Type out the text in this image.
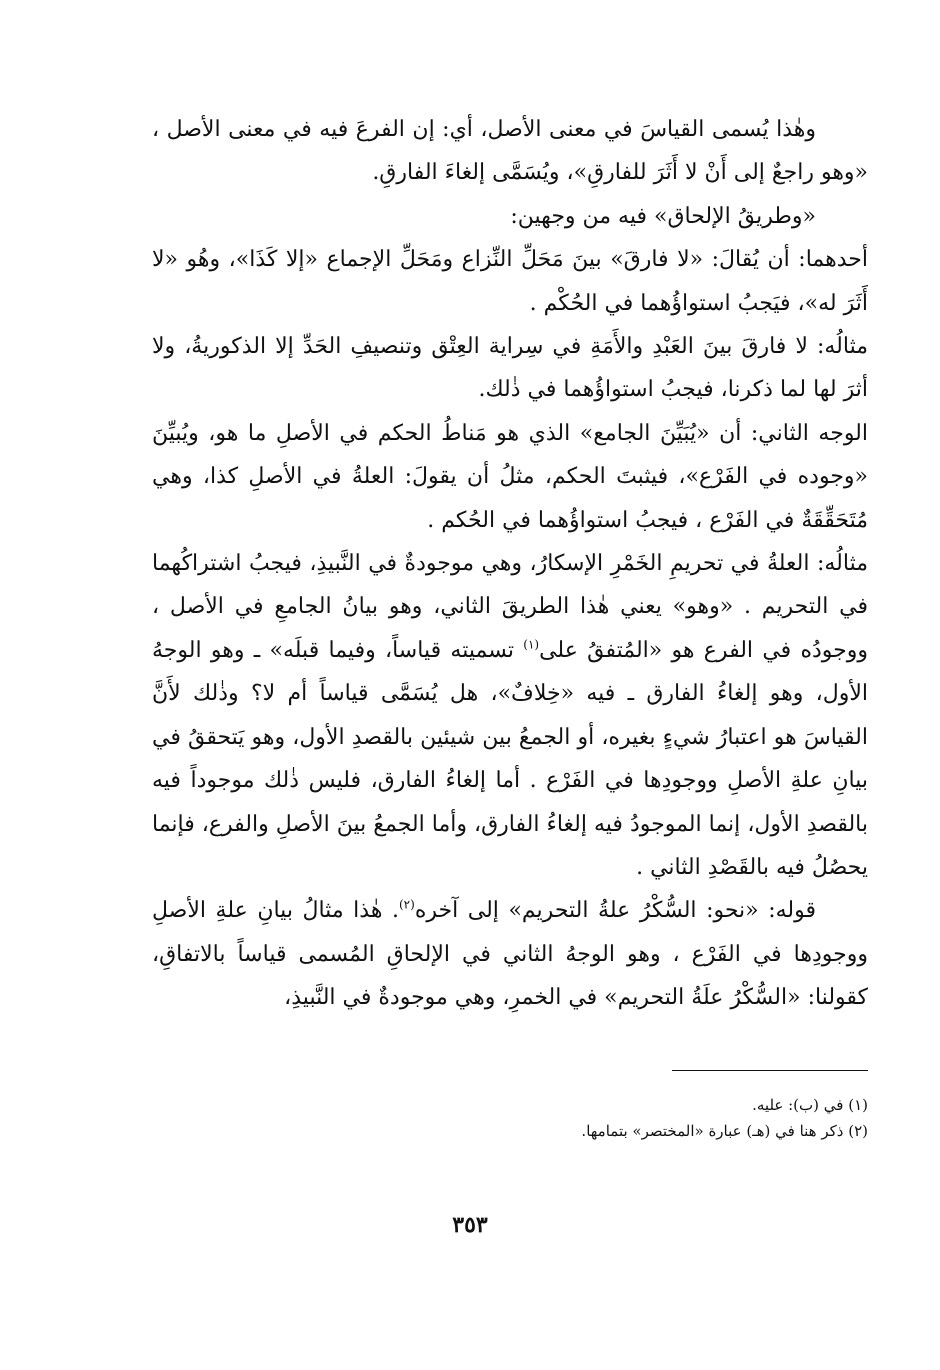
وهٰذا يُسمى القياسَ في معنى الأصل، أي: إن الفرعَ فيه في معنى الأصل ، «وهو راجعٌ إلى أَنْ لا أَثَرَ للفارقِ»، ويُسَمَّى إلغاءَ الفارقِ.

«وطريقُ الإلحاق» فيه من وجهين:

أحدهما: أن يُقالَ: «لا فارقَ» بينَ مَحَلِّ النِّزاع ومَحَلِّ الإجماع «إلا كَذَا»، وهُو «لا أَثَرَ له»، فيَجبُ استواؤُهما في الحُكْم .

مثالُه: لا فارقَ بينَ العَبْدِ والأَمَةِ في سِراية العِتْق وتنصيفِ الحَدِّ إلا الذكوريةُ، ولا أثرَ لها لما ذكرنا، فيجبُ استواؤُهما في ذٰلك.

الوجه الثاني: أن «يُبَيِّنَ الجامع» الذي هو مَناطُ الحكم في الأصلِ ما هو، ويُبيِّنَ «وجوده في الفَرْع»، فيثبتَ الحكم، مثلُ أن يقولَ: العلةُ في الأصلِ كذا، وهي مُتَحَقِّقَةٌ في الفَرْع ، فيجبُ استواؤُهما في الحُكم .

مثالُه: العلةُ في تحريمِ الخَمْرِ الإسكارُ، وهي موجودةٌ في النَّبيذِ، فيجبُ اشتراكُهما في التحريم . «وهو» يعني هٰذا الطريقَ الثاني، وهو بيانُ الجامعِ في الأصل ، ووجودُه في الفرع هو «المُتفقُ على$^{(١)}$ تسميته قياساً، وفيما قبلَه» ـ وهو الوجهُ الأول، وهو إلغاءُ الفارق ـ فيه «خِلافٌ»، هل يُسَمَّى قياساً أم لا؟ وذٰلك لأَنَّ القياسَ هو اعتبارُ شيءٍ بغيره، أو الجمعُ بين شيئين بالقصدِ الأول، وهو يَتحققُ في بيانِ علةِ الأصلِ ووجودِها في الفَرْع . أما إلغاءُ الفارق، فليس ذٰلك موجوداً فيه بالقصدِ الأول، إنما الموجودُ فيه إلغاءُ الفارق، وأما الجمعُ بينَ الأصلِ والفرع، فإنما يحصُلُ فيه بالقَصْدِ الثاني .

قوله: «نحو: السُّكْرُ علةُ التحريم» إلى آخره$^{(٢)}$. هٰذا مثالُ بيانِ علةِ الأصلِ ووجودِها في الفَرْع ، وهو الوجهُ الثاني في الإلحاقِ المُسمى قياساً بالاتفاقِ، كقولنا: «السُّكْرُ علَةُ التحريم» في الخمرِ، وهي موجودةٌ في النَّبيذِ،

(١) في (ب): عليه.

(٢) ذكر هنا في (هـ) عبارة «المختصر» بتمامها.

٣٥٣
